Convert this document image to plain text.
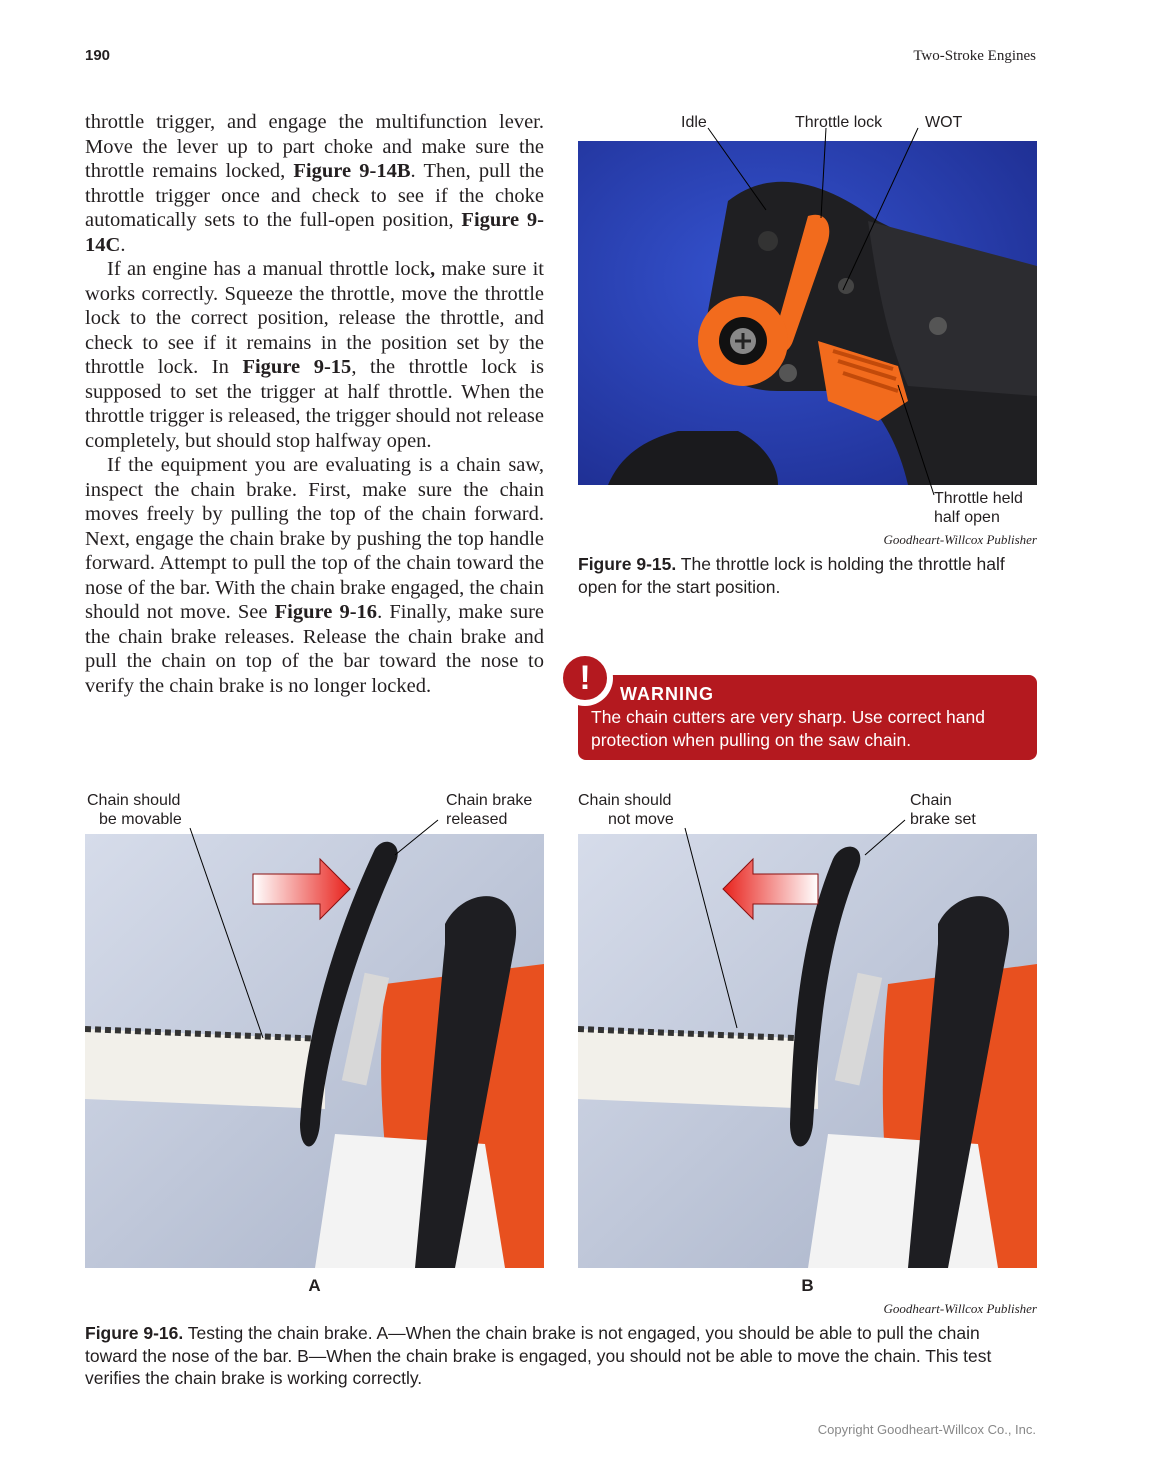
190	Two-Stroke Engines

throttle trigger, and engage the multifunction lever. Move the lever up to part choke and make sure the throttle remains locked, Figure 9-14B. Then, pull the throttle trigger once and check to see if the choke automatically sets to the full-open position, Figure 9-14C.

If an engine has a manual throttle lock, make sure it works correctly. Squeeze the throttle, move the throttle lock to the correct position, release the throttle, and check to see if it remains in the position set by the throttle lock. In Figure 9-15, the throttle lock is supposed to set the trigger at half throttle. When the throttle trigger is released, the trigger should not release completely, but should stop halfway open.

If the equipment you are evaluating is a chain saw, inspect the chain brake. First, make sure the chain moves freely by pulling the top of the chain forward. Next, engage the chain brake by pushing the top handle forward. Attempt to pull the top of the chain toward the nose of the bar. With the chain brake engaged, the chain should not move. See Figure 9-16. Finally, make sure the chain brake releases. Release the chain brake and pull the chain on top of the bar toward the nose to verify the chain brake is no longer locked.

Idle	Throttle lock	WOT
Throttle held
half open
Goodheart-Willcox Publisher
Figure 9-15. The throttle lock is holding the throttle half open for the start position.
!	WARNING
The chain cutters are very sharp. Use correct hand protection when pulling on the saw chain.
Chain should
be movable
Chain brake
released
Chain should
not move
Chain
brake set
A	B
Goodheart-Willcox Publisher
Figure 9-16. Testing the chain brake. A—When the chain brake is not engaged, you should be able to pull the chain toward the nose of the bar. B—When the chain brake is engaged, you should not be able to move the chain. This test verifies the chain brake is working correctly.
Copyright Goodheart-Willcox Co., Inc.
